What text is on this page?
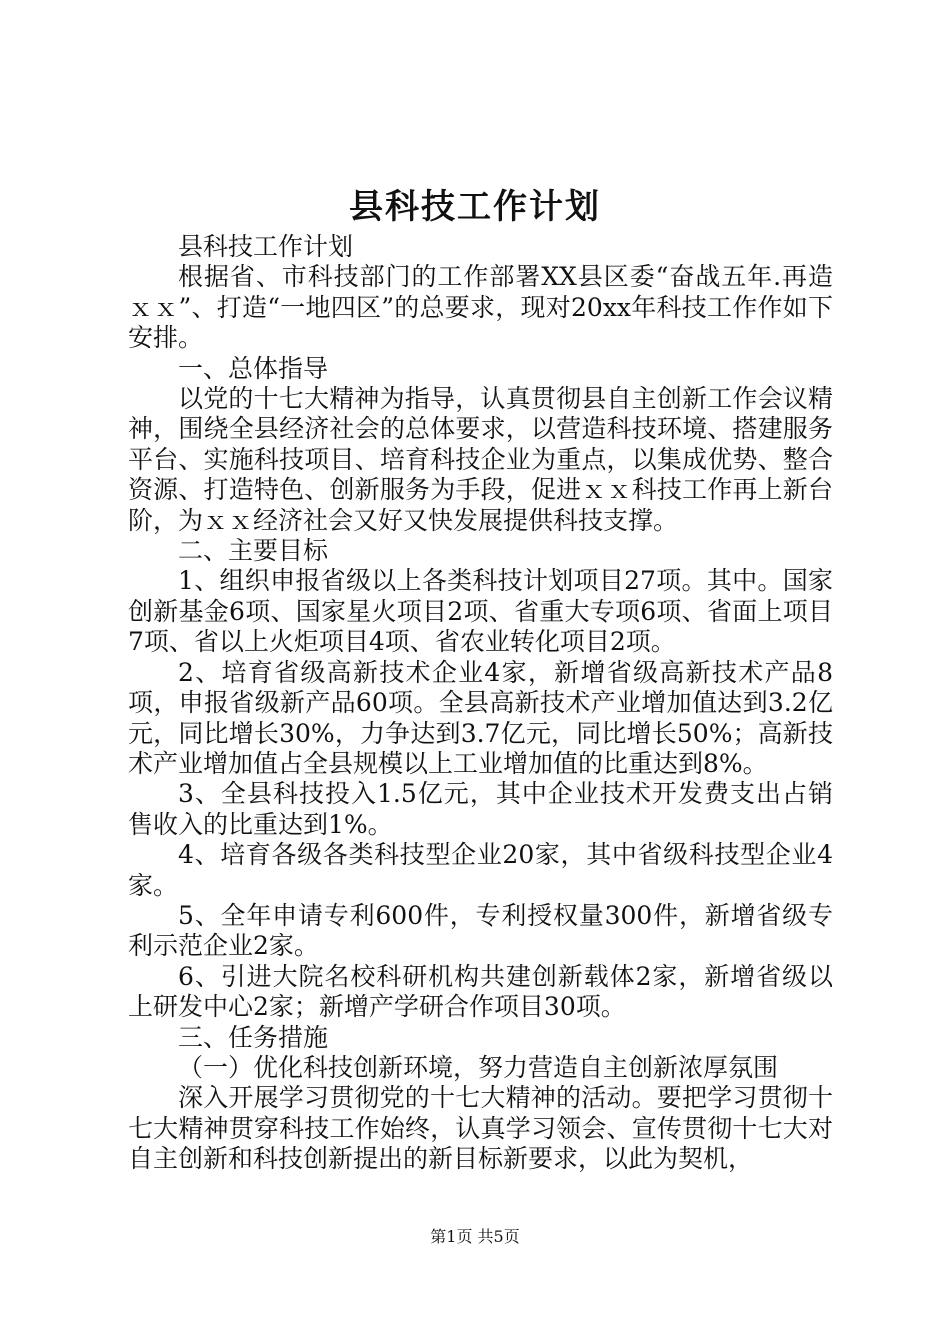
县科技工作计划

县科技工作计划

根据省、市科技部门的工作部署XX县区委“奋战五年.再造ｘｘ”、打造“一地四区”的总要求，现对20xx年科技工作作如下安排。

一、总体指导

以党的十七大精神为指导，认真贯彻县自主创新工作会议精神，围绕全县经济社会的总体要求，以营造科技环境、搭建服务平台、实施科技项目、培育科技企业为重点，以集成优势、整合资源、打造特色、创新服务为手段，促进ｘｘ科技工作再上新台阶，为ｘｘ经济社会又好又快发展提供科技支撑。

二、主要目标

1、组织申报省级以上各类科技计划项目27项。其中。国家创新基金6项、国家星火项目2项、省重大专项6项、省面上项目7项、省以上火炬项目4项、省农业转化项目2项。

2、培育省级高新技术企业4家，新增省级高新技术产品8项，申报省级新产品60项。全县高新技术产业增加值达到3.2亿元，同比增长30%，力争达到3.7亿元，同比增长50%；高新技术产业增加值占全县规模以上工业增加值的比重达到8%。

3、全县科技投入1.5亿元，其中企业技术开发费支出占销售收入的比重达到1%。

4、培育各级各类科技型企业20家，其中省级科技型企业4家。

5、全年申请专利600件，专利授权量300件，新增省级专利示范企业2家。

6、引进大院名校科研机构共建创新载体2家，新增省级以上研发中心2家；新增产学研合作项目30项。

三、任务措施

（一）优化科技创新环境，努力营造自主创新浓厚氛围

深入开展学习贯彻党的十七大精神的活动。要把学习贯彻十七大精神贯穿科技工作始终，认真学习领会、宣传贯彻十七大对自主创新和科技创新提出的新目标新要求，以此为契机，

第1页 共5页
